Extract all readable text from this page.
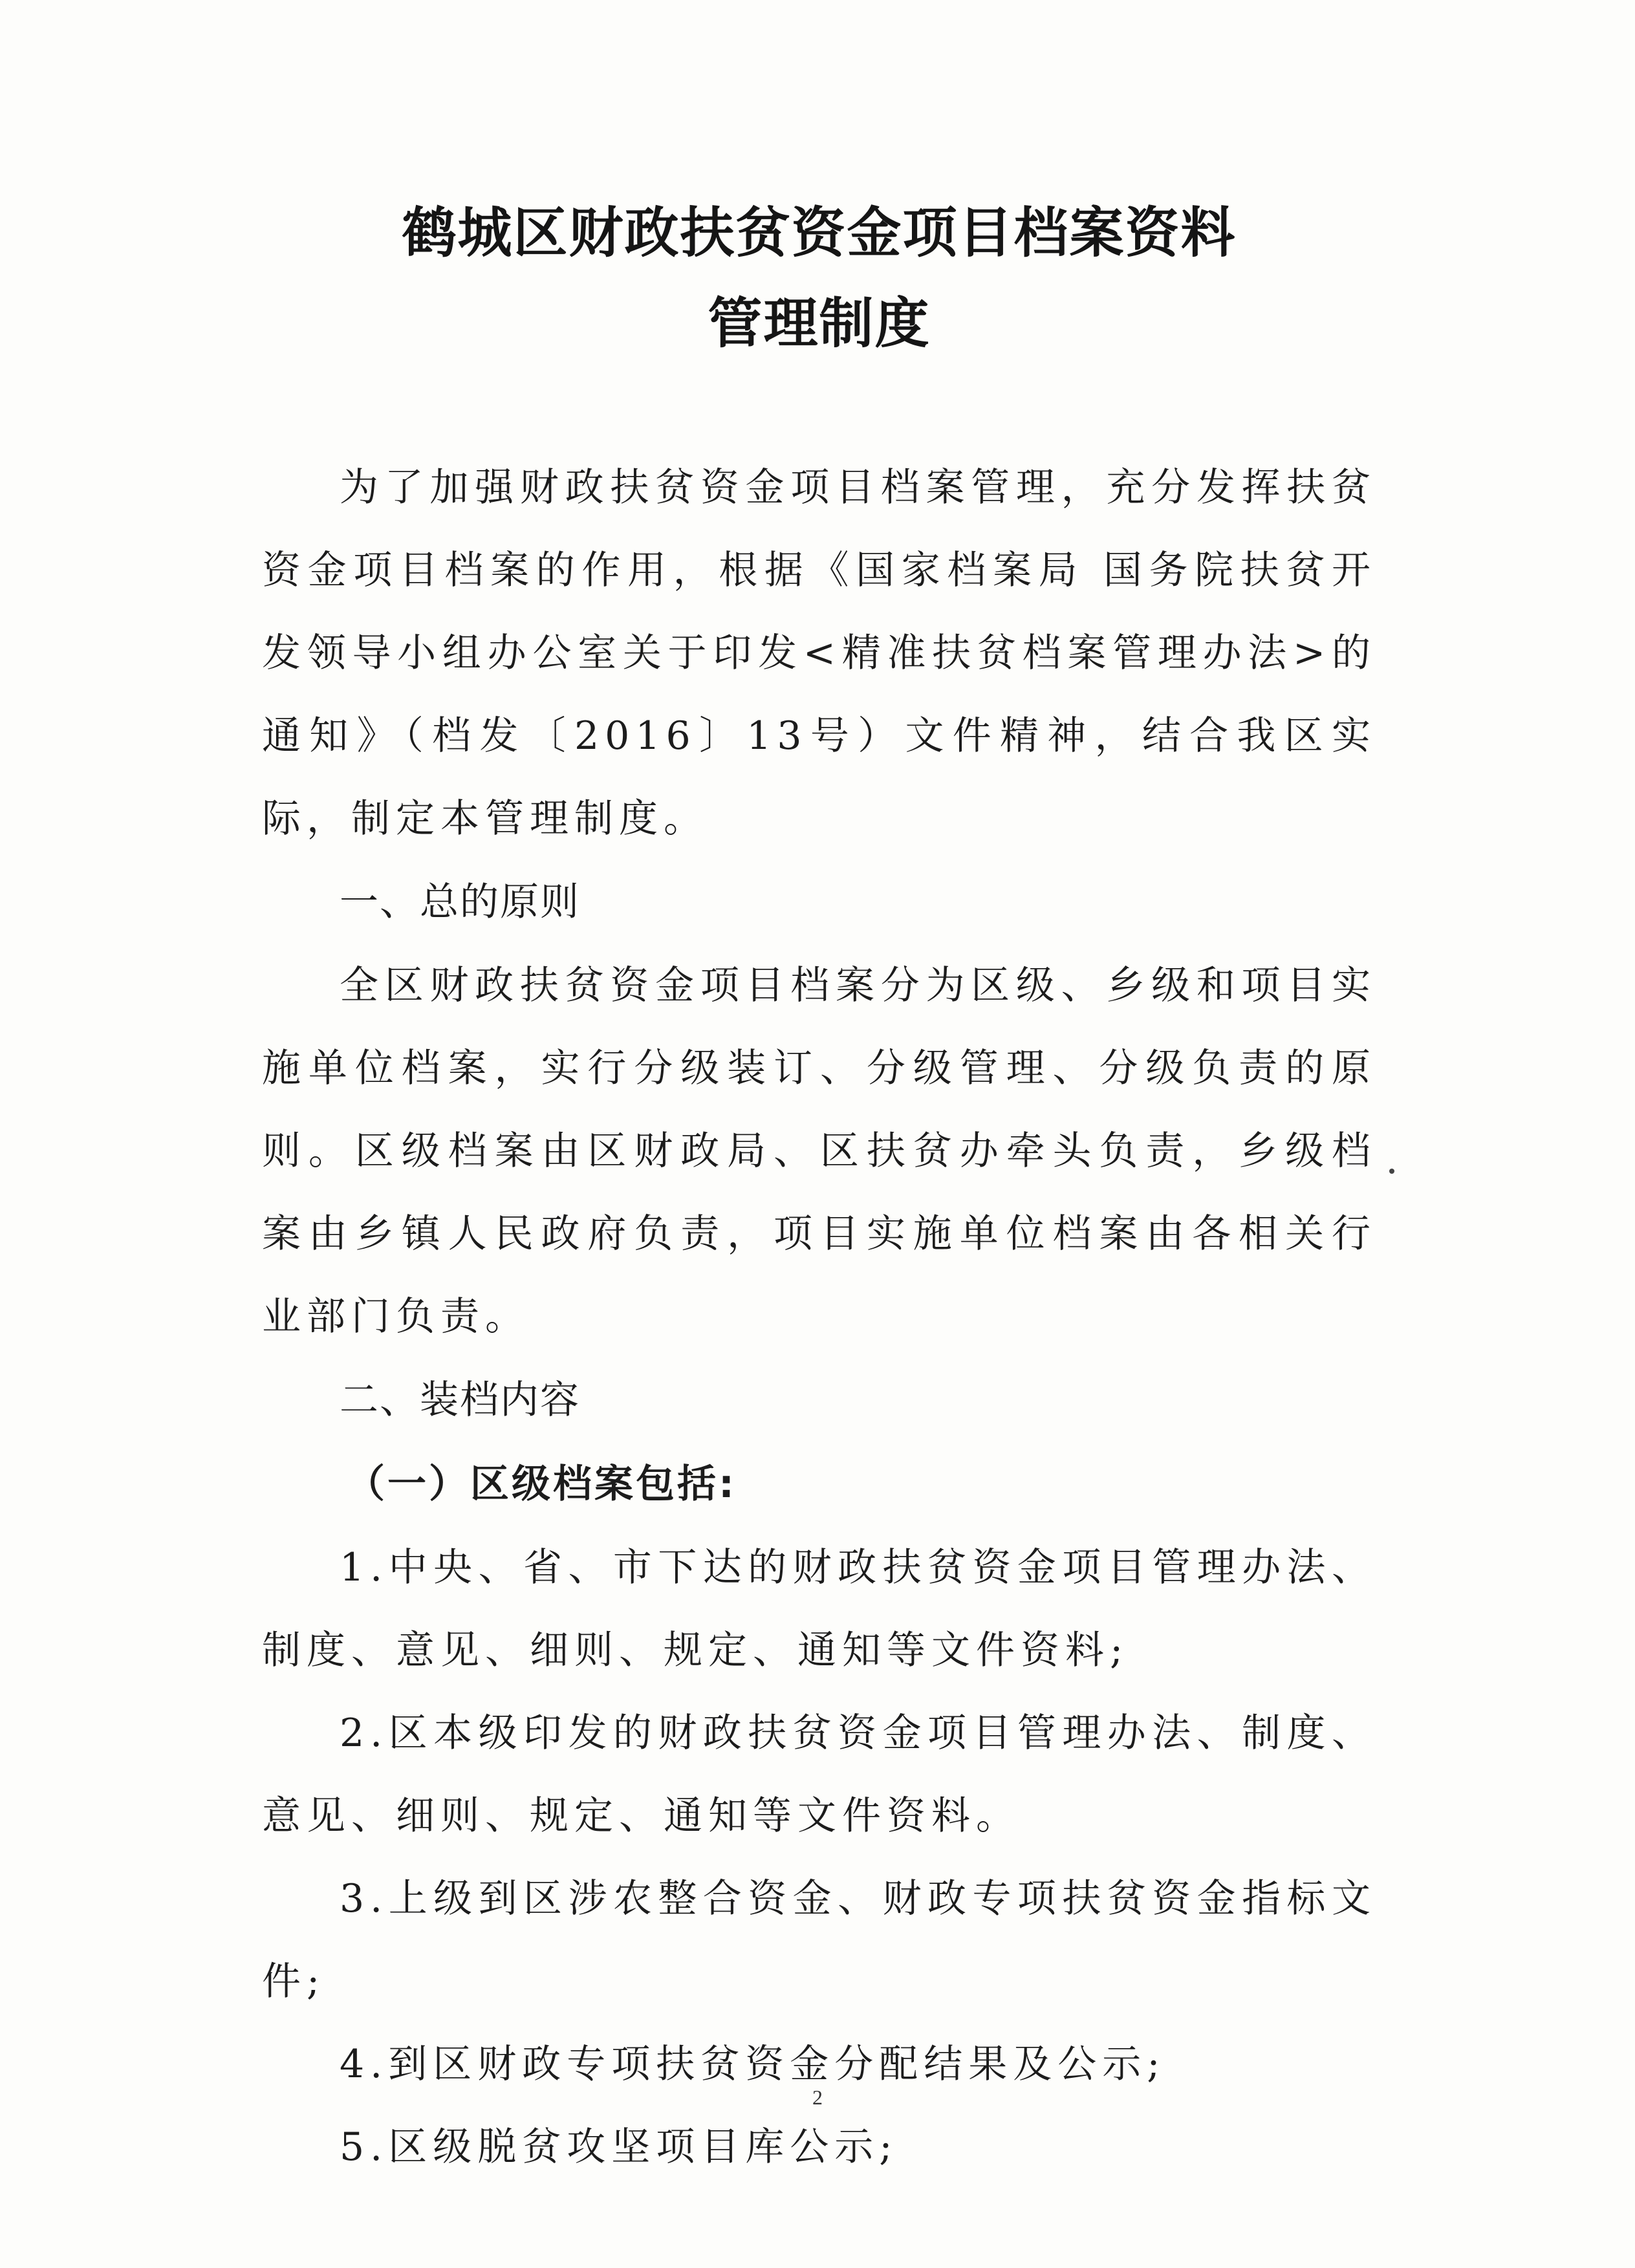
鹤城区财政扶贫资金项目档案资料
管理制度

为了加强财政扶贫资金项目档案管理，充分发挥扶贫资金项目档案的作用，根据《国家档案局 国务院扶贫开发领导小组办公室关于印发<精准扶贫档案管理办法>的通知》（档发〔2016〕13号）文件精神，结合我区实际，制定本管理制度。

一、总的原则

全区财政扶贫资金项目档案分为区级、乡级和项目实施单位档案，实行分级装订、分级管理、分级负责的原则。区级档案由区财政局、区扶贫办牵头负责，乡级档案由乡镇人民政府负责，项目实施单位档案由各相关行业部门负责。

二、装档内容

（一）区级档案包括:

1.中央、省、市下达的财政扶贫资金项目管理办法、制度、意见、细则、规定、通知等文件资料;

2.区本级印发的财政扶贫资金项目管理办法、制度、意见、细则、规定、通知等文件资料。

3.上级到区涉农整合资金、财政专项扶贫资金指标文件;

4.到区财政专项扶贫资金分配结果及公示;

5.区级脱贫攻坚项目库公示;

2
